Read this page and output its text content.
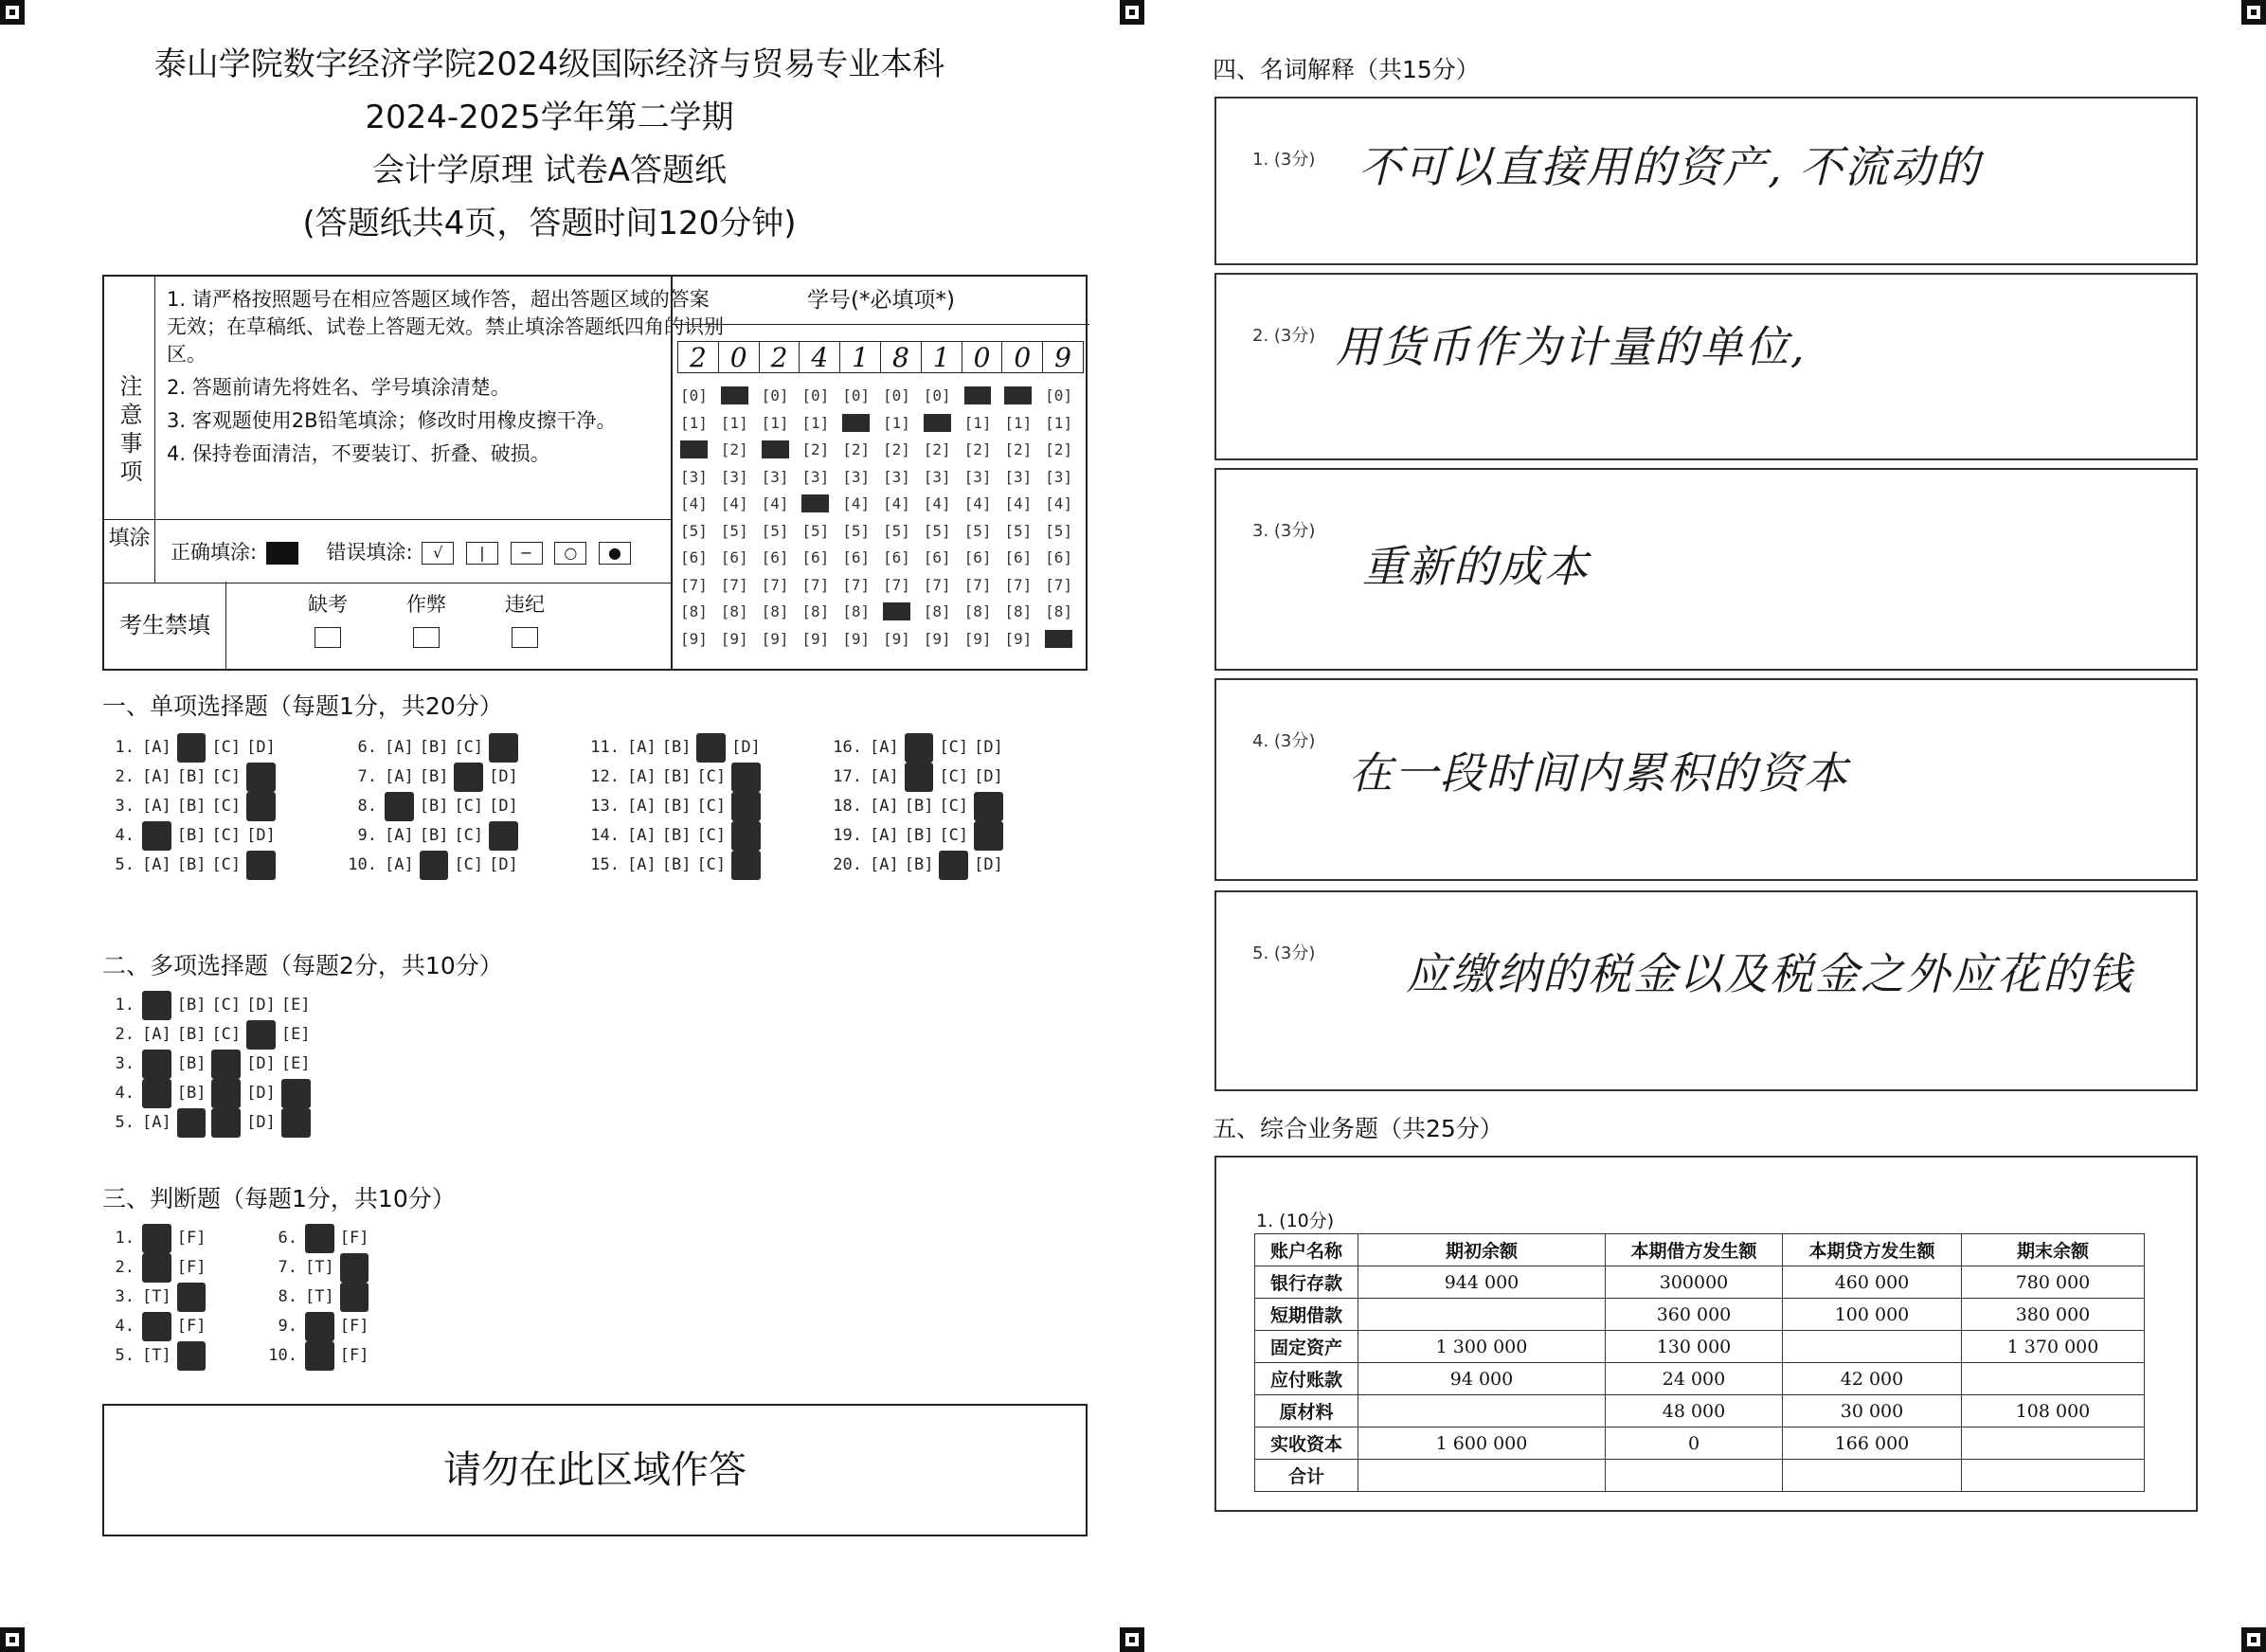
泰山学院数字经济学院2024级国际经济与贸易专业本科
2024-2025学年第二学期
会计学原理 试卷A答题纸
(答题纸共4页，答题时间120分钟)
注意事项

1. 请严格按照题号在相应答题区域作答，超出答题区域的答案无效；在草稿纸、试卷上答题无效。禁止填涂答题纸四角的识别区。

2. 答题前请先将姓名、学号填涂清楚。

3. 客观题使用2B铅笔填涂；修改时用橡皮擦干净。

4. 保持卷面清洁，不要装订、折叠、破损。

填涂
正确填涂:	错误填涂: √ | − ○ ●
考生禁填
缺考	作弊	违纪
学号(*必填项*)
2 0 2 4 1 8 1 0 0 9
[0] [0] [0] [0] [0] [0] [0] [0] [0] [0]
[1] [1] [1] [1] [1] [1] [1] [1] [1] [1]
[2] [2] [2] [2] [2] [2] [2] [2] [2] [2]
[3] [3] [3] [3] [3] [3] [3] [3] [3] [3]
[4] [4] [4] [4] [4] [4] [4] [4] [4] [4]
[5] [5] [5] [5] [5] [5] [5] [5] [5] [5]
[6] [6] [6] [6] [6] [6] [6] [6] [6] [6]
[7] [7] [7] [7] [7] [7] [7] [7] [7] [7]
[8] [8] [8] [8] [8] [8] [8] [8] [8] [8]
[9] [9] [9] [9] [9] [9] [9] [9] [9] [9]
一、单项选择题（每题1分，共20分）
1. [A] [B] [C] [D]
2. [A] [B] [C] [D]
3. [A] [B] [C] [D]
4. [A] [B] [C] [D]
5. [A] [B] [C] [D]
6. [A] [B] [C] [D]
7. [A] [B] [C] [D]
8. [A] [B] [C] [D]
9. [A] [B] [C] [D]
10. [A] [B] [C] [D]
11. [A] [B] [C] [D]
12. [A] [B] [C] [D]
13. [A] [B] [C] [D]
14. [A] [B] [C] [D]
15. [A] [B] [C] [D]
16. [A] [B] [C] [D]
17. [A] [B] [C] [D]
18. [A] [B] [C] [D]
19. [A] [B] [C] [D]
20. [A] [B] [C] [D]
二、多项选择题（每题2分，共10分）
1. [A] [B] [C] [D] [E]
2. [A] [B] [C] [D] [E]
3. [A] [B] [C] [D] [E]
4. [A] [B] [C] [D] [E]
5. [A] [B] [C] [D] [E]
三、判断题（每题1分，共10分）
1. [T] [F]
2. [T] [F]
3. [T] [F]
4. [T] [F]
5. [T] [F]
6. [T] [F]
7. [T] [F]
8. [T] [F]
9. [T] [F]
10. [T] [F]
请勿在此区域作答
四、名词解释（共15分）
1. (3分) 不可以直接用的资产, 不流动的
2. (3分) 用货币作为计量的单位,
3. (3分)
重新的成本
4. (3分)
在一段时间内累积的资本
5. (3分) 应缴纳的税金以及税金之外应花的钱
五、综合业务题（共25分）
1. (10分)
账户名称	期初余额	本期借方发生额	本期贷方发生额	期末余额
银行存款	944 000	300000	460 000	780 000
短期借款		360 000	100 000	380 000
固定资产	1 300 000	130 000		1 370 000
应付账款	94 000	24 000	42 000	
原材料		48 000	30 000	108 000
实收资本	1 600 000	0	166 000	
合计				
